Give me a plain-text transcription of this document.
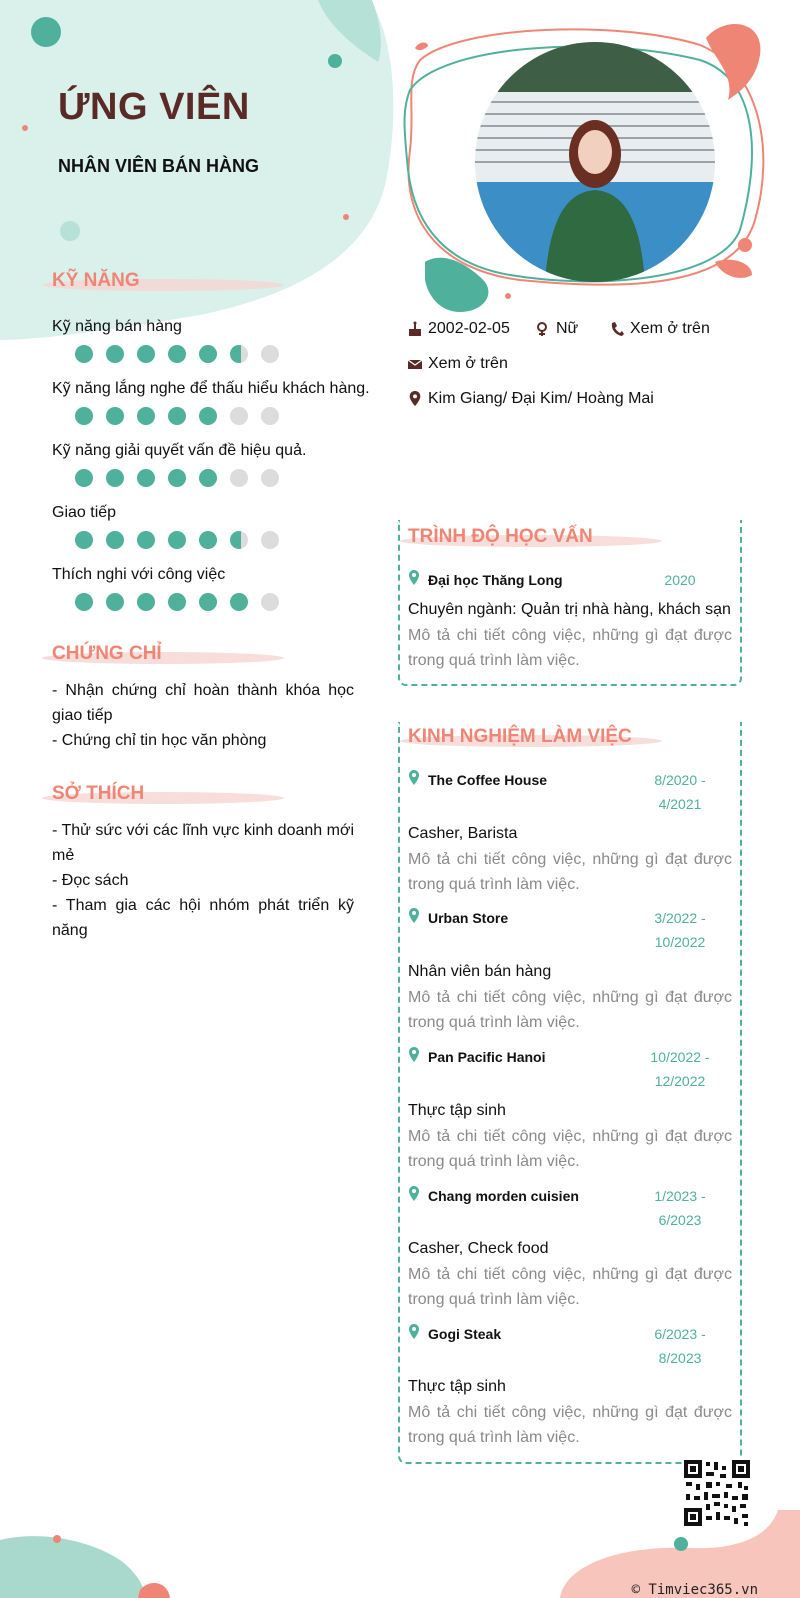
ỨNG VIÊN
NHÂN VIÊN BÁN HÀNG
2002-02-05	Nữ	Xem ở trên
Xem ở trên
Kim Giang/ Đại Kim/ Hoàng Mai
KỸ NĂNG
Kỹ năng bán hàng
Kỹ năng lắng nghe để thấu hiểu khách hàng.
Kỹ năng giải quyết vấn đề hiệu quả.
Giao tiếp
Thích nghi với công việc
CHỨNG CHỈ
- Nhận chứng chỉ hoàn thành khóa học giao tiếp
- Chứng chỉ tin học văn phòng
SỞ THÍCH
- Thử sức với các lĩnh vực kinh doanh mới mẻ
- Đọc sách
- Tham gia các hội nhóm phát triển kỹ năng
TRÌNH ĐỘ HỌC VẤN
Đại học Thăng Long	2020
Chuyên ngành: Quản trị nhà hàng, khách sạn
Mô tả chi tiết công việc, những gì đạt được trong quá trình làm việc.
KINH NGHIỆM LÀM VIỆC
The Coffee House	8/2020 -
4/2021
Casher, Barista
Mô tả chi tiết công việc, những gì đạt được trong quá trình làm việc.
Urban Store	3/2022 -
10/2022
Nhân viên bán hàng
Mô tả chi tiết công việc, những gì đạt được trong quá trình làm việc.
Pan Pacific Hanoi	10/2022 -
12/2022
Thực tập sinh
Mô tả chi tiết công việc, những gì đạt được trong quá trình làm việc.
Chang morden cuisien	1/2023 -
6/2023
Casher, Check food
Mô tả chi tiết công việc, những gì đạt được trong quá trình làm việc.
Gogi Steak	6/2023 -
8/2023
Thực tập sinh
Mô tả chi tiết công việc, những gì đạt được trong quá trình làm việc.
© Timviec365.vn
